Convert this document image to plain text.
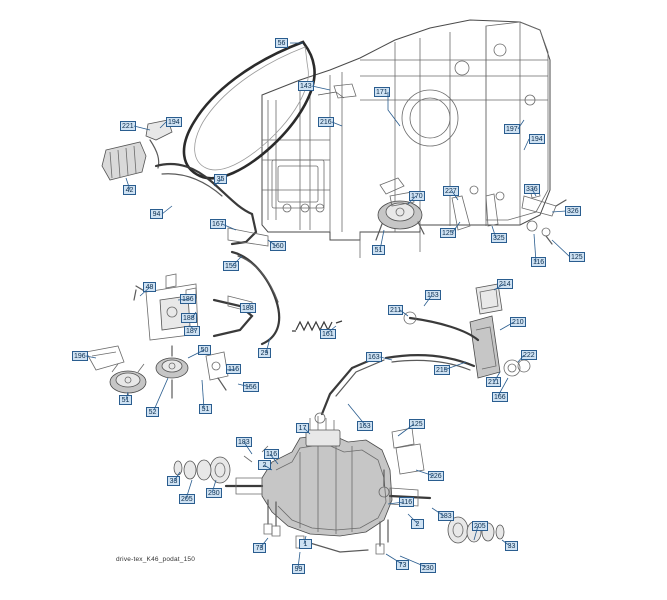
56
143
171
216
221
194
197
194
42
35
170
227	336
326
94
167
125
325
116
125
160
51
159
48
186
188
214
211
153
210
188
161
187
29
196
50
116
163
215
211
222
156
166
51
52	51
17	163	125
183
116
2
226
33
230
205	116
183
2	205
73
1	33
99
73	230
drive-tex_K46_podat_150
